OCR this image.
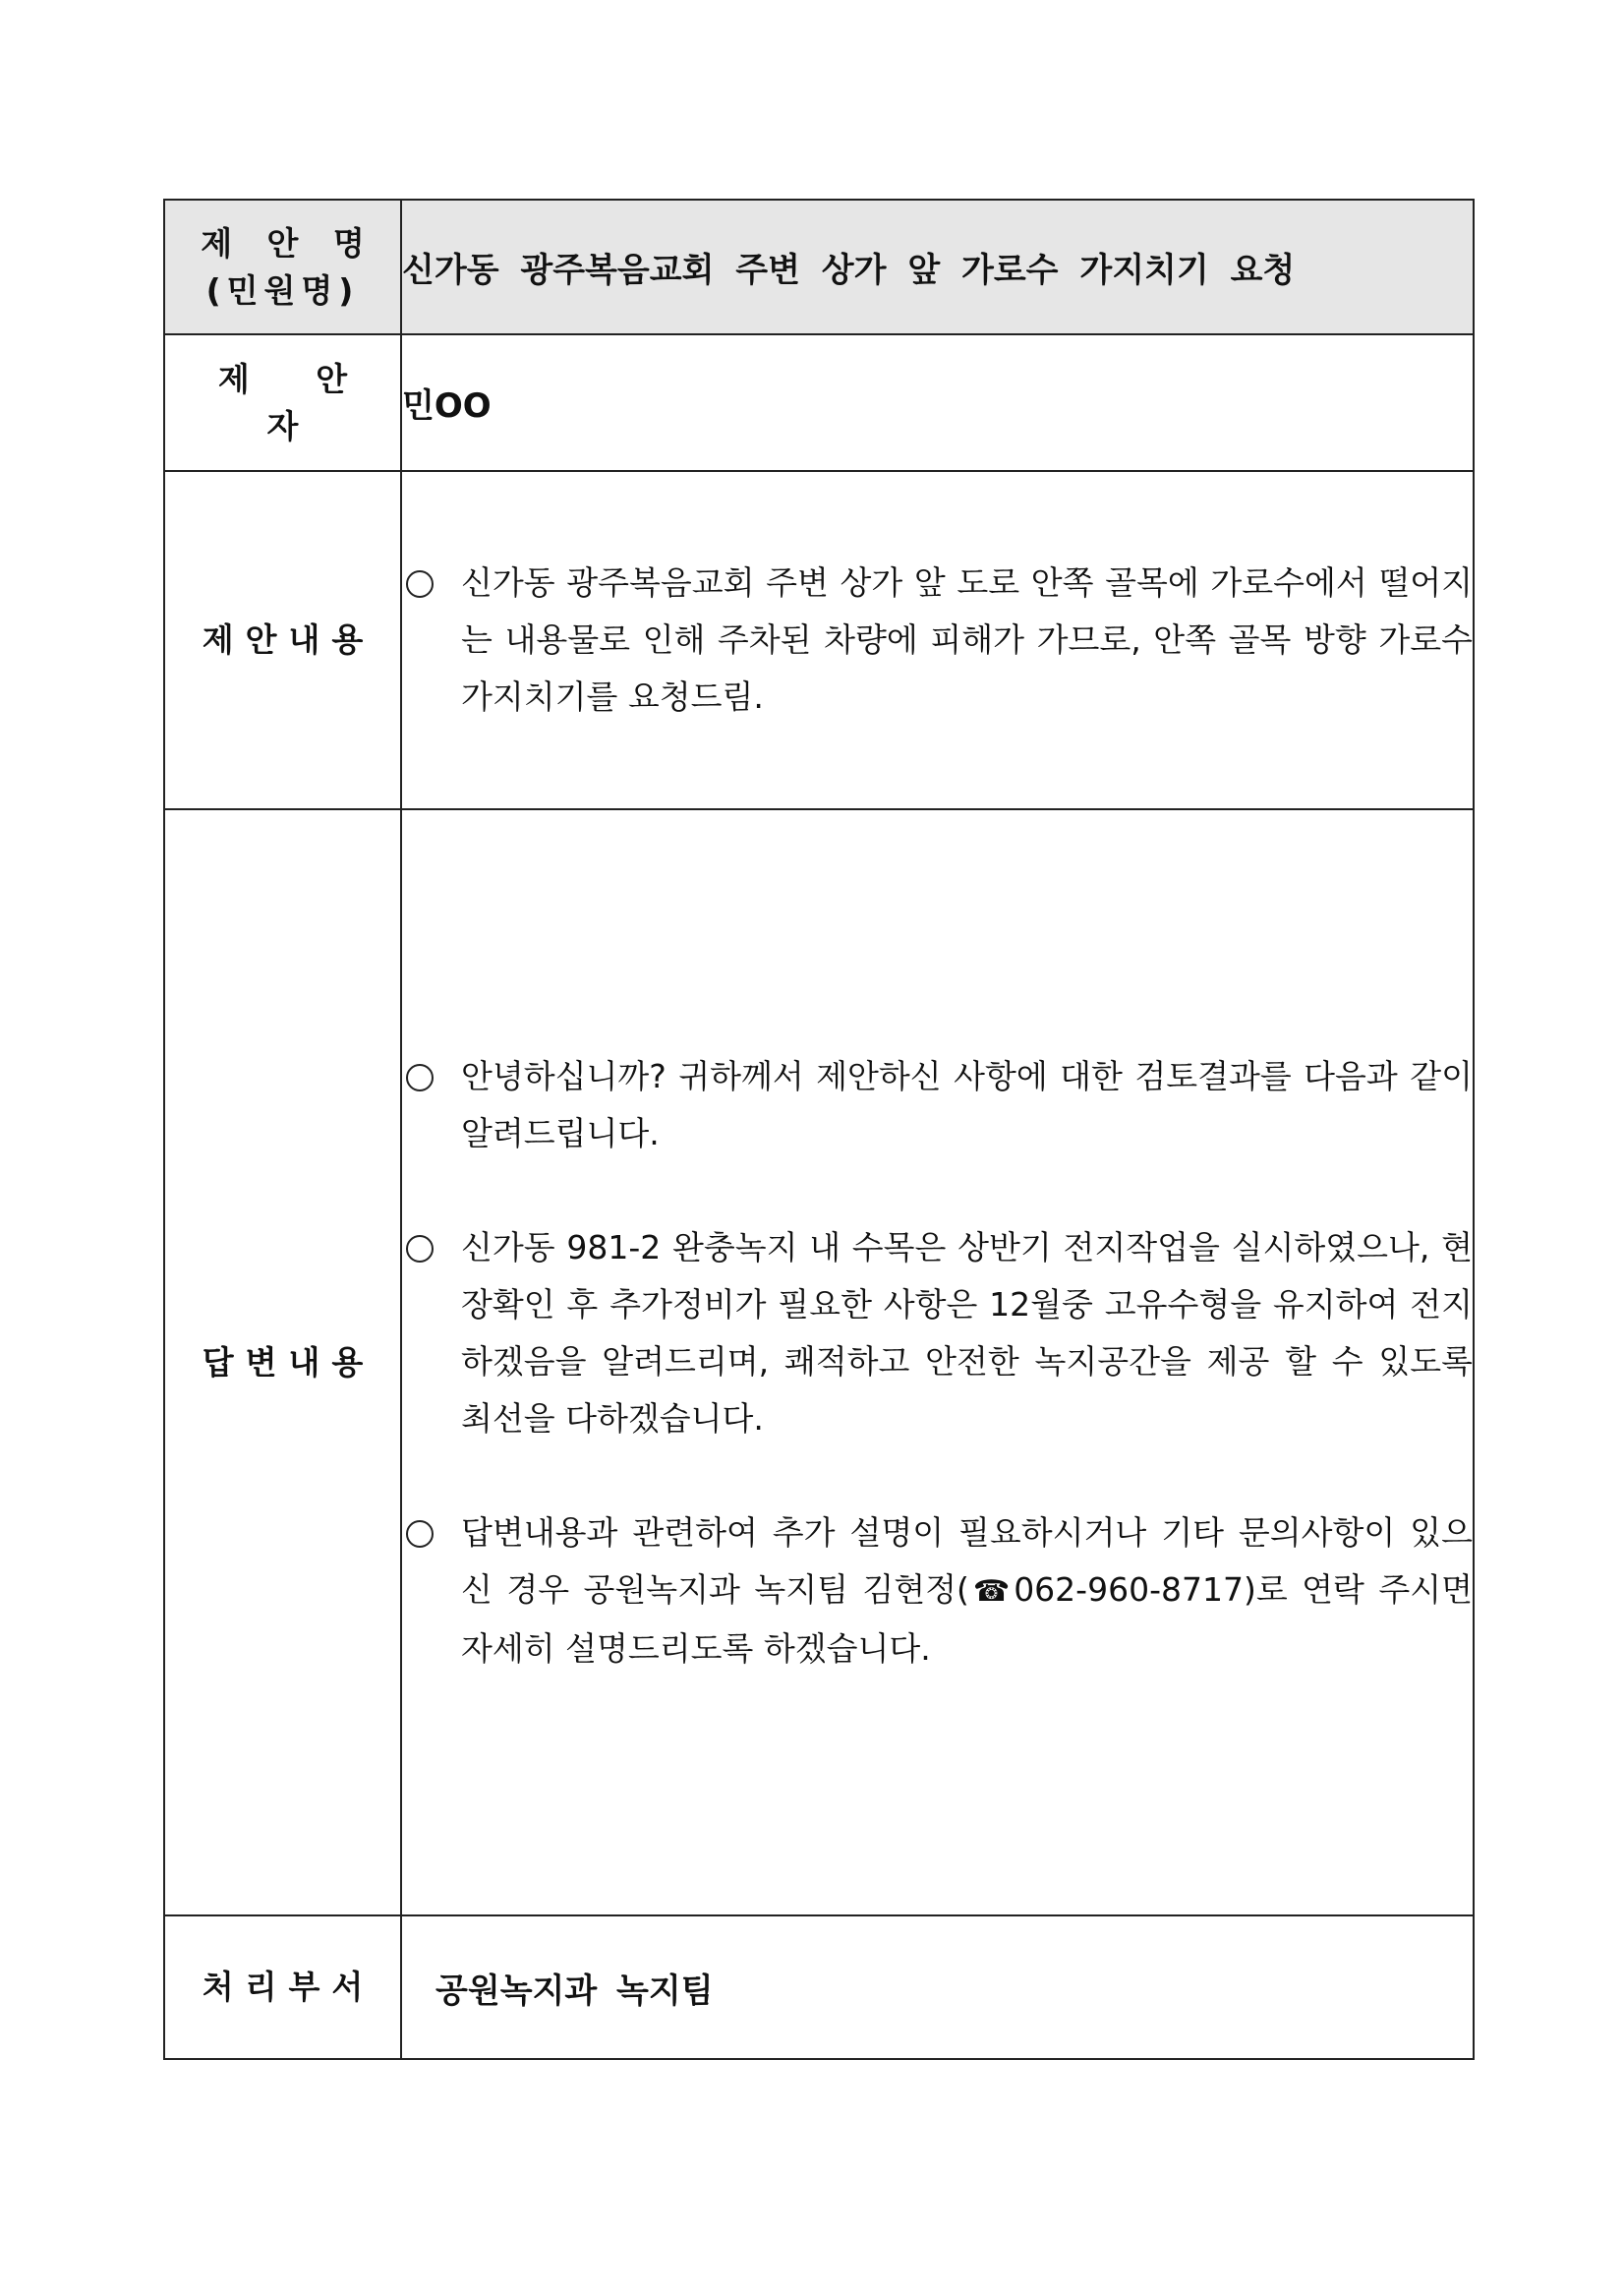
제 안 명
(민원명)	신가동 광주복음교회 주변 상가 앞 가로수 가지치기 요청

제 안 자	민OO

제안내용	신가동 광주복음교회 주변 상가 앞 도로 안쪽 골목에 가로수에서 떨어지는 내용물로 인해 주차된 차량에 피해가 가므로, 안쪽 골목 방향 가로수 가지치기를 요청드림.

답변내용	안녕하십니까? 귀하께서 제안하신 사항에 대한 검토결과를 다음과 같이 알려드립니다.

신가동 981-2 완충녹지 내 수목은 상반기 전지작업을 실시하였으나, 현장확인 후 추가정비가 필요한 사항은 12월중 고유수형을 유지하여 전지하겠음을 알려드리며, 쾌적하고 안전한 녹지공간을 제공 할 수 있도록 최선을 다하겠습니다.

답변내용과 관련하여 추가 설명이 필요하시거나 기타 문의사항이 있으신 경우 공원녹지과 녹지팀 김현정(☎062-960-8717)로 연락 주시면 자세히 설명드리도록 하겠습니다.

처리부서	공원녹지과 녹지팀
